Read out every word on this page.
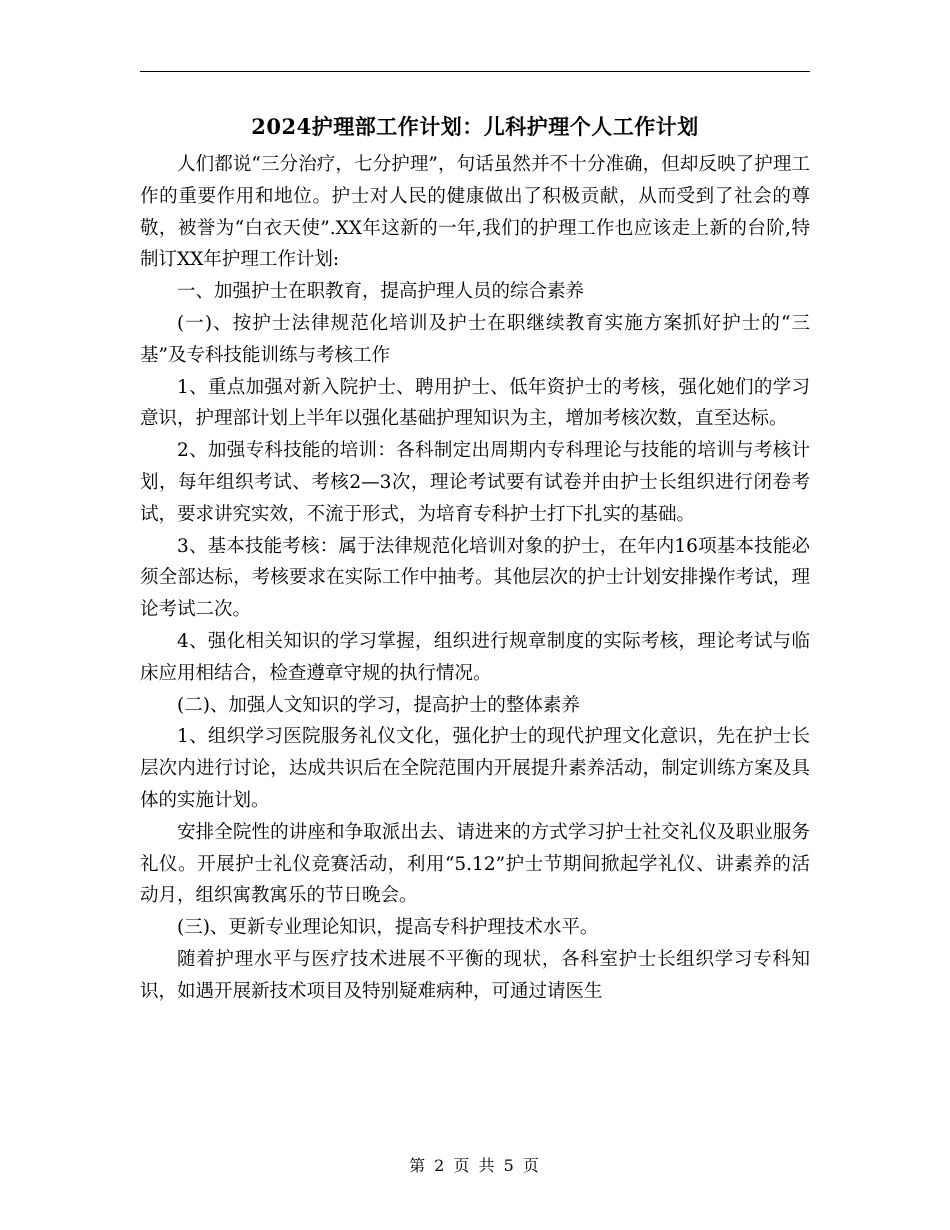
2024护理部工作计划：儿科护理个人工作计划

人们都说“三分治疗，七分护理”，句话虽然并不十分准确，但却反映了护理工作的重要作用和地位。护士对人民的健康做出了积极贡献，从而受到了社会的尊敬，被誉为“白衣天使”.XX年这新的一年,我们的护理工作也应该走上新的台阶,特制订XX年护理工作计划:

一、加强护士在职教育，提高护理人员的综合素养

(一)、按护士法律规范化培训及护士在职继续教育实施方案抓好护士的“三基”及专科技能训练与考核工作

1、重点加强对新入院护士、聘用护士、低年资护士的考核，强化她们的学习意识，护理部计划上半年以强化基础护理知识为主，增加考核次数，直至达标。

2、加强专科技能的培训：各科制定出周期内专科理论与技能的培训与考核计划，每年组织考试、考核2—3次，理论考试要有试卷并由护士长组织进行闭卷考试，要求讲究实效，不流于形式，为培育专科护士打下扎实的基础。

3、基本技能考核：属于法律规范化培训对象的护士，在年内16项基本技能必须全部达标，考核要求在实际工作中抽考。其他层次的护士计划安排操作考试，理论考试二次。

4、强化相关知识的学习掌握，组织进行规章制度的实际考核，理论考试与临床应用相结合，检查遵章守规的执行情况。

(二)、加强人文知识的学习，提高护士的整体素养

1、组织学习医院服务礼仪文化，强化护士的现代护理文化意识，先在护士长层次内进行讨论，达成共识后在全院范围内开展提升素养活动，制定训练方案及具体的实施计划。

安排全院性的讲座和争取派出去、请进来的方式学习护士社交礼仪及职业服务礼仪。开展护士礼仪竞赛活动，利用“5.12”护士节期间掀起学礼仪、讲素养的活动月，组织寓教寓乐的节日晚会。

(三)、更新专业理论知识，提高专科护理技术水平。

随着护理水平与医疗技术进展不平衡的现状，各科室护士长组织学习专科知识，如遇开展新技术项目及特别疑难病种，可通过请医生

第 2 页 共 5 页
